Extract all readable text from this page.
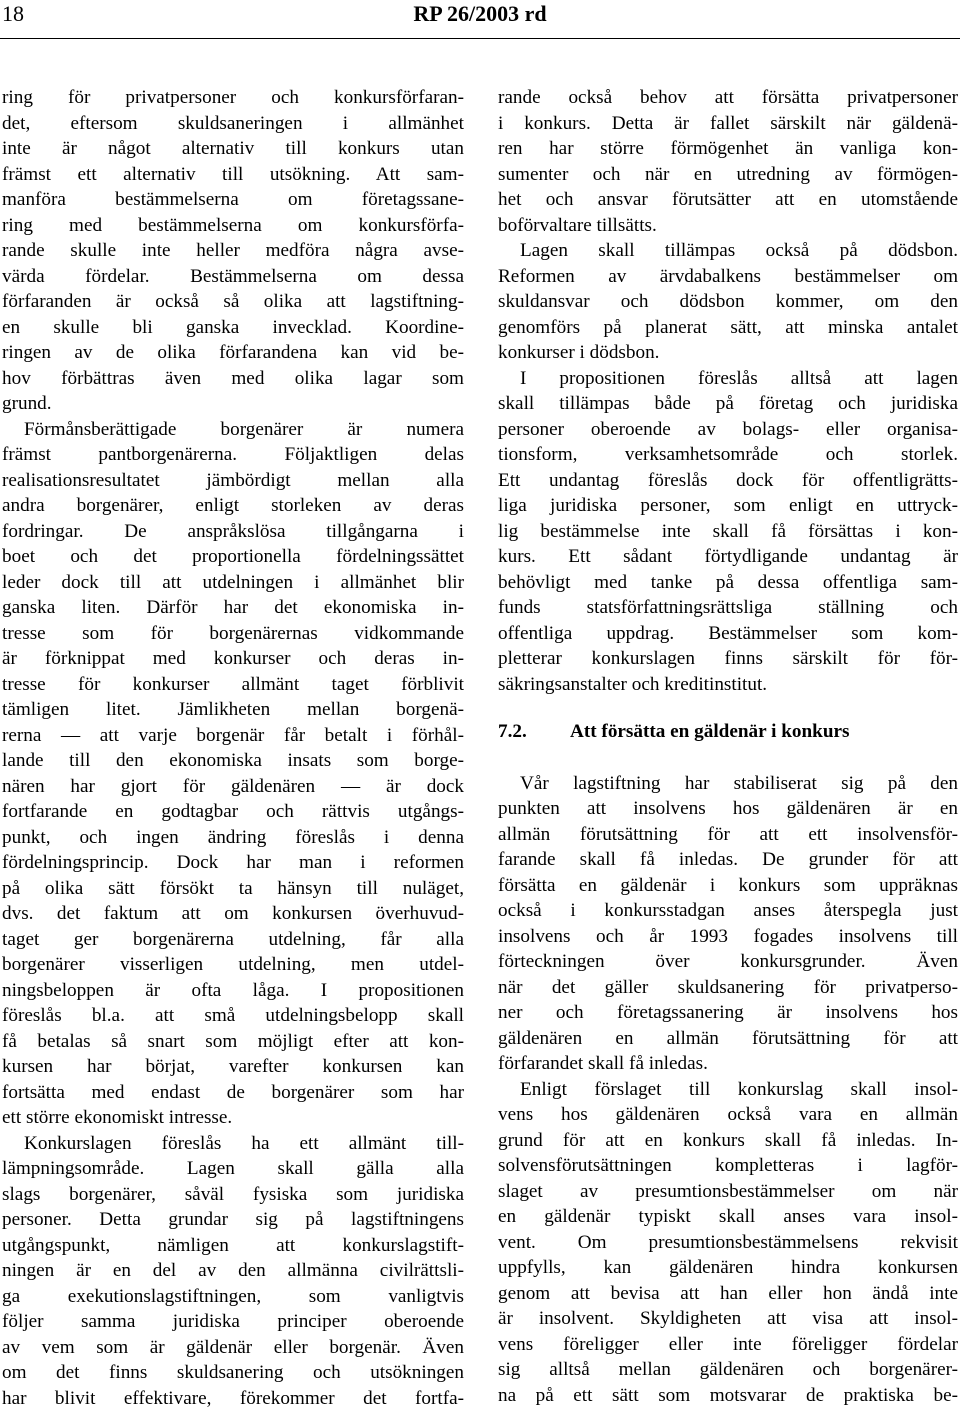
18	RP 26/2003 rd
ring för privatpersoner och konkursförfaran-
det, eftersom skuldsaneringen i allmänhet
inte är något alternativ till konkurs utan
främst ett alternativ till utsökning. Att sam-
manföra bestämmelserna om företagssane-
ring med bestämmelserna om konkursförfa-
rande skulle inte heller medföra några avse-
värda fördelar. Bestämmelserna om dessa
förfaranden är också så olika att lagstiftning-
en skulle bli ganska invecklad. Koordine-
ringen av de olika förfarandena kan vid be-
hov förbättras även med olika lagar som
grund.
Förmånsberättigade borgenärer är numera
främst pantborgenärerna. Följaktligen delas
realisationsresultatet jämbördigt mellan alla
andra borgenärer, enligt storleken av deras
fordringar. De anspråkslösa tillgångarna i
boet och det proportionella fördelningssättet
leder dock till att utdelningen i allmänhet blir
ganska liten. Därför har det ekonomiska in-
tresse som för borgenärernas vidkommande
är förknippat med konkurser och deras in-
tresse för konkurser allmänt taget förblivit
tämligen litet. Jämlikheten mellan borgenä-
rerna — att varje borgenär får betalt i förhål-
lande till den ekonomiska insats som borge-
nären har gjort för gäldenären — är dock
fortfarande en godtagbar och rättvis utgångs-
punkt, och ingen ändring föreslås i denna
fördelningsprincip. Dock har man i reformen
på olika sätt försökt ta hänsyn till nuläget,
dvs. det faktum att om konkursen överhuvud-
taget ger borgenärerna utdelning, får alla
borgenärer visserligen utdelning, men utdel-
ningsbeloppen är ofta låga. I propositionen
föreslås bl.a. att små utdelningsbelopp skall
få betalas så snart som möjligt efter att kon-
kursen har börjat, varefter konkursen kan
fortsätta med endast de borgenärer som har
ett större ekonomiskt intresse.
Konkurslagen föreslås ha ett allmänt till-
lämpningsområde. Lagen skall gälla alla
slags borgenärer, såväl fysiska som juridiska
personer. Detta grundar sig på lagstiftningens
utgångspunkt, nämligen att konkurslagstift-
ningen är en del av den allmänna civilrättsli-
ga exekutionslagstiftningen, som vanligtvis
följer samma juridiska principer oberoende
av vem som är gäldenär eller borgenär. Även
om det finns skuldsanering och utsökningen
har blivit effektivare, förekommer det fortfa-
rande också behov att försätta privatpersoner
i konkurs. Detta är fallet särskilt när gäldenä-
ren har större förmögenhet än vanliga kon-
sumenter och när en utredning av förmögen-
het och ansvar förutsätter att en utomstående
boförvaltare tillsätts.
Lagen skall tillämpas också på dödsbon.
Reformen av ärvdabalkens bestämmelser om
skuldansvar och dödsbon kommer, om den
genomförs på planerat sätt, att minska antalet
konkurser i dödsbon.
I propositionen föreslås alltså att lagen
skall tillämpas både på företag och juridiska
personer oberoende av bolags- eller organisa-
tionsform, verksamhetsområde och storlek.
Ett undantag föreslås dock för offentligrätts-
liga juridiska personer, som enligt en uttryck-
lig bestämmelse inte skall få försättas i kon-
kurs. Ett sådant förtydligande undantag är
behövligt med tanke på dessa offentliga sam-
funds statsförfattningsrättsliga ställning och
offentliga uppdrag. Bestämmelser som kom-
pletterar konkurslagen finns särskilt för för-
säkringsanstalter och kreditinstitut.
7.2. Att försätta en gäldenär i konkurs
Vår lagstiftning har stabiliserat sig på den
punkten att insolvens hos gäldenären är en
allmän förutsättning för att ett insolvensför-
farande skall få inledas. De grunder för att
försätta en gäldenär i konkurs som uppräknas
också i konkursstadgan anses återspegla just
insolvens och år 1993 fogades insolvens till
förteckningen över konkursgrunder. Även
när det gäller skuldsanering för privatperso-
ner och företagssanering är insolvens hos
gäldenären en allmän förutsättning för att
förfarandet skall få inledas.
Enligt förslaget till konkurslag skall insol-
vens hos gäldenären också vara en allmän
grund för att en konkurs skall få inledas. In-
solvensförutsättningen kompletteras i lagför-
slaget av presumtionsbestämmelser om när
en gäldenär typiskt skall anses vara insol-
vent. Om presumtionsbestämmelsens rekvisit
uppfylls, kan gäldenären hindra konkursen
genom att bevisa att han eller hon ändå inte
är insolvent. Skyldigheten att visa att insol-
vens föreligger eller inte föreligger fördelar
sig alltså mellan gäldenären och borgenärer-
na på ett sätt som motsvarar de praktiska be-
